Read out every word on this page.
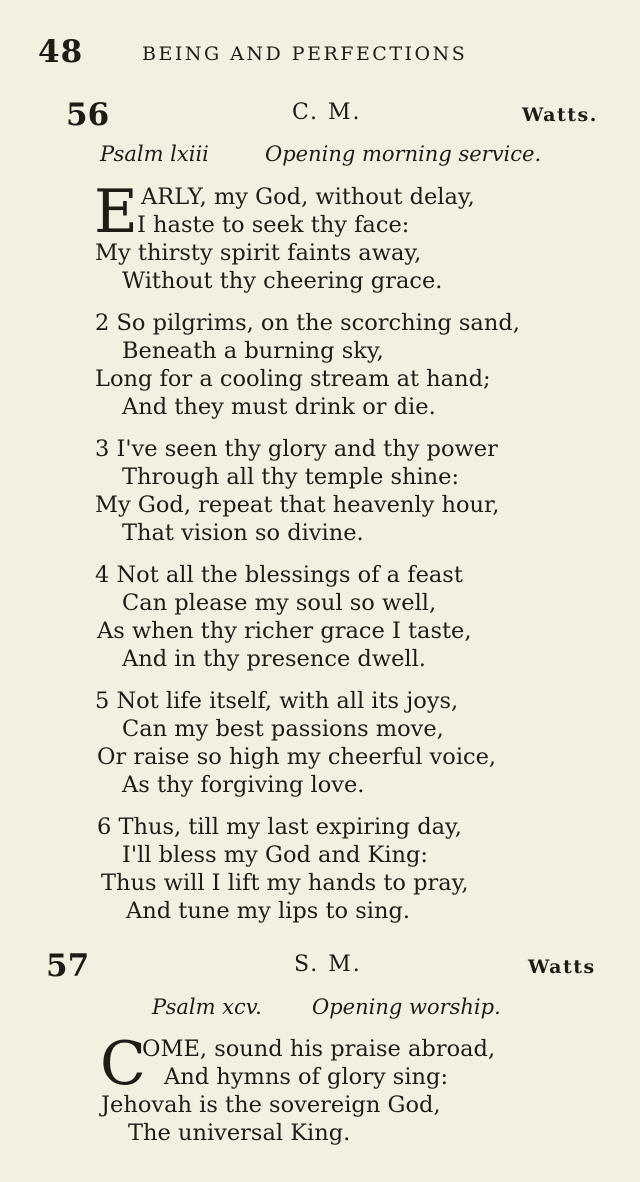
48	BEING AND PERFECTIONS
56	C. M.	Watts.
Psalm lxiii	Opening morning service.
E ARLY, my God, without delay,
I haste to seek thy face:
My thirsty spirit faints away,
Without thy cheering grace.
2 So pilgrims, on the scorching sand,
Beneath a burning sky,
Long for a cooling stream at hand;
And they must drink or die.
3 I've seen thy glory and thy power
Through all thy temple shine:
My God, repeat that heavenly hour,
That vision so divine.
4 Not all the blessings of a feast
Can please my soul so well,
As when thy richer grace I taste,
And in thy presence dwell.
5 Not life itself, with all its joys,
Can my best passions move,
Or raise so high my cheerful voice,
As thy forgiving love.
6 Thus, till my last expiring day,
I'll bless my God and King:
Thus will I lift my hands to pray,
And tune my lips to sing.
57	S. M.	Watts
Psalm xcv. Opening worship.
C
OME, sound his praise abroad,
And hymns of glory sing:
Jehovah is the sovereign God,
The universal King.
